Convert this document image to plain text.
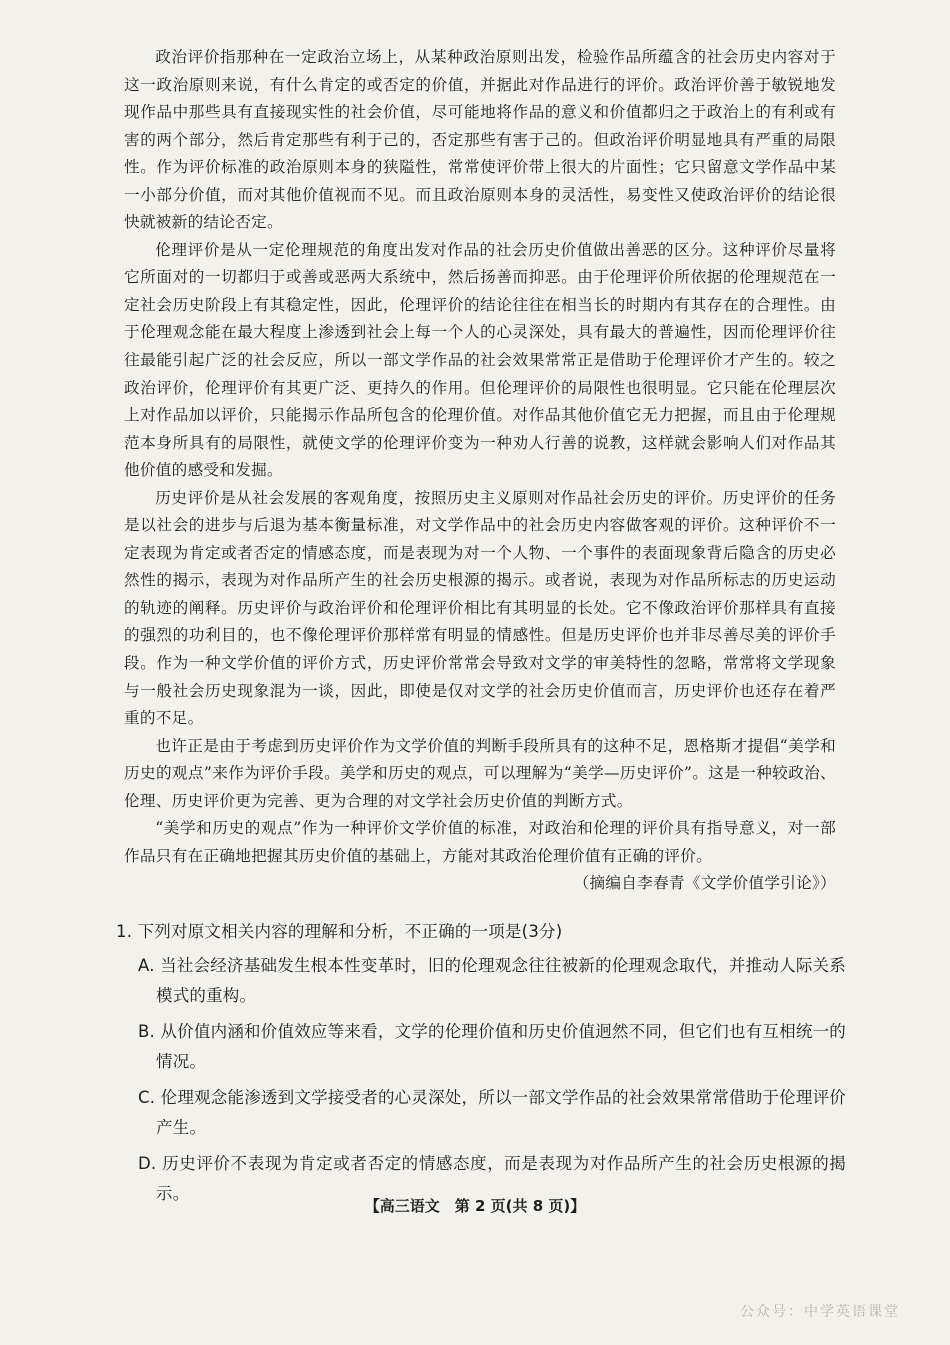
政治评价指那种在一定政治立场上，从某种政治原则出发，检验作品所蕴含的社会历史内容对于这一政治原则来说，有什么肯定的或否定的价值，并据此对作品进行的评价。政治评价善于敏锐地发现作品中那些具有直接现实性的社会价值，尽可能地将作品的意义和价值都归之于政治上的有利或有害的两个部分，然后肯定那些有利于己的，否定那些有害于己的。但政治评价明显地具有严重的局限性。作为评价标准的政治原则本身的狭隘性，常常使评价带上很大的片面性；它只留意文学作品中某一小部分价值，而对其他价值视而不见。而且政治原则本身的灵活性，易变性又使政治评价的结论很快就被新的结论否定。

伦理评价是从一定伦理规范的角度出发对作品的社会历史价值做出善恶的区分。这种评价尽量将它所面对的一切都归于或善或恶两大系统中，然后扬善而抑恶。由于伦理评价所依据的伦理规范在一定社会历史阶段上有其稳定性，因此，伦理评价的结论往往在相当长的时期内有其存在的合理性。由于伦理观念能在最大程度上渗透到社会上每一个人的心灵深处，具有最大的普遍性，因而伦理评价往往最能引起广泛的社会反应，所以一部文学作品的社会效果常常正是借助于伦理评价才产生的。较之政治评价，伦理评价有其更广泛、更持久的作用。但伦理评价的局限性也很明显。它只能在伦理层次上对作品加以评价，只能揭示作品所包含的伦理价值。对作品其他价值它无力把握，而且由于伦理规范本身所具有的局限性，就使文学的伦理评价变为一种劝人行善的说教，这样就会影响人们对作品其他价值的感受和发掘。

历史评价是从社会发展的客观角度，按照历史主义原则对作品社会历史的评价。历史评价的任务是以社会的进步与后退为基本衡量标准，对文学作品中的社会历史内容做客观的评价。这种评价不一定表现为肯定或者否定的情感态度，而是表现为对一个人物、一个事件的表面现象背后隐含的历史必然性的揭示，表现为对作品所产生的社会历史根源的揭示。或者说，表现为对作品所标志的历史运动的轨迹的阐释。历史评价与政治评价和伦理评价相比有其明显的长处。它不像政治评价那样具有直接的强烈的功利目的，也不像伦理评价那样常有明显的情感性。但是历史评价也并非尽善尽美的评价手段。作为一种文学价值的评价方式，历史评价常常会导致对文学的审美特性的忽略，常常将文学现象与一般社会历史现象混为一谈，因此，即使是仅对文学的社会历史价值而言，历史评价也还存在着严重的不足。

也许正是由于考虑到历史评价作为文学价值的判断手段所具有的这种不足，恩格斯才提倡“美学和历史的观点”来作为评价手段。美学和历史的观点，可以理解为“美学—历史评价”。这是一种较政治、伦理、历史评价更为完善、更为合理的对文学社会历史价值的判断方式。

“美学和历史的观点”作为一种评价文学价值的标准，对政治和伦理的评价具有指导意义，对一部作品只有在正确地把握其历史价值的基础上，方能对其政治伦理价值有正确的评价。

（摘编自李春青《文学价值学引论》）

1. 下列对原文相关内容的理解和分析，不正确的一项是(3分)

A. 当社会经济基础发生根本性变革时，旧的伦理观念往往被新的伦理观念取代，并推动人际关系模式的重构。

B. 从价值内涵和价值效应等来看，文学的伦理价值和历史价值迥然不同，但它们也有互相统一的情况。

C. 伦理观念能渗透到文学接受者的心灵深处，所以一部文学作品的社会效果常常借助于伦理评价产生。

D. 历史评价不表现为肯定或者否定的情感态度，而是表现为对作品所产生的社会历史根源的揭示。

【高三语文　第 2 页(共 8 页)】
公众号：中学英语课堂
